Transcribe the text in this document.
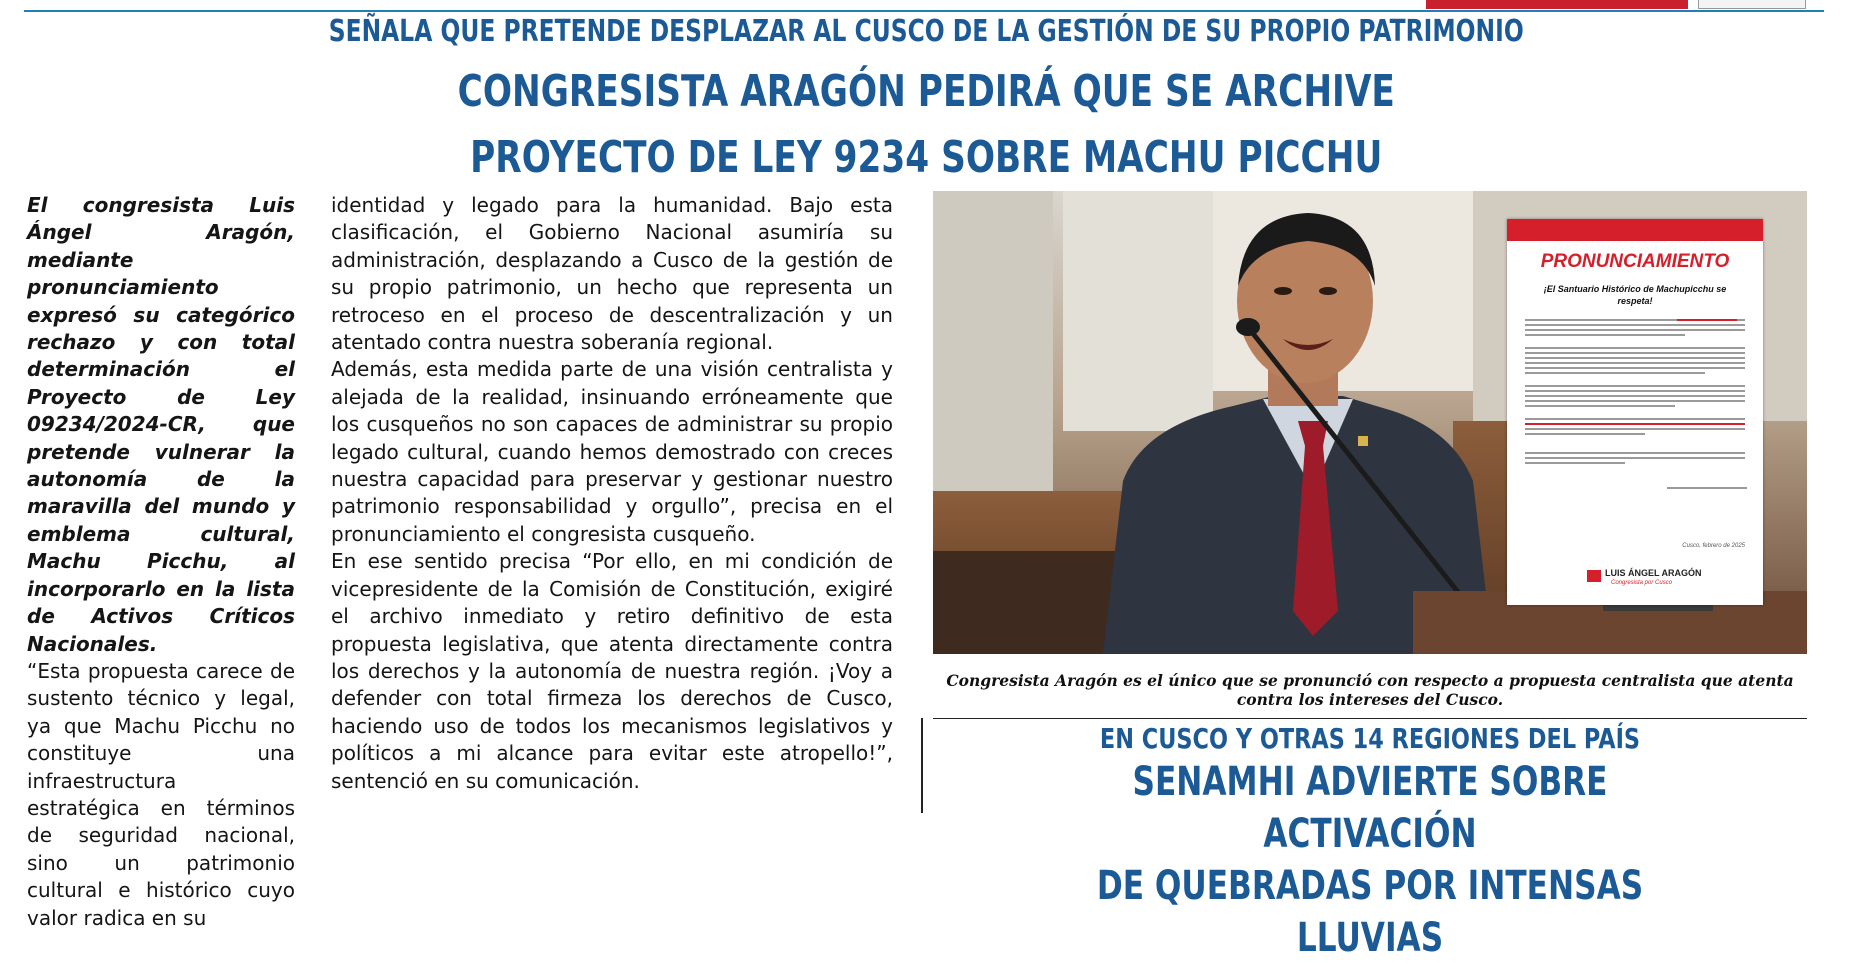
SEÑALA QUE PRETENDE DESPLAZAR AL CUSCO DE LA GESTIÓN DE SU PROPIO PATRIMONIO
CONGRESISTA ARAGÓN PEDIRÁ QUE SE ARCHIVE
PROYECTO DE LEY 9234 SOBRE MACHU PICCHU

El congresista Luis Ángel Aragón, mediante pronunciamiento expresó su categórico rechazo y con total determinación el Proyecto de Ley 09234/2024-CR, que pretende vulnerar la autonomía de la maravilla del mundo y emblema cultural, Machu Picchu, al incorporarlo en la lista de Activos Críticos Nacionales.

“Esta propuesta carece de sustento técnico y legal, ya que Machu Picchu no constituye una infraestructura estratégica en términos de seguridad nacional, sino un patrimonio cultural e histórico cuyo valor radica en su

identidad y legado para la humanidad. Bajo esta clasificación, el Gobierno Nacional asumiría su administración, desplazando a Cusco de la gestión de su propio patrimonio, un hecho que representa un retroceso en el proceso de descentralización y un atentado contra nuestra soberanía regional.

Además, esta medida parte de una visión centralista y alejada de la realidad, insinuando erróneamente que los cusqueños no son capaces de administrar su propio legado cultural, cuando hemos demostrado con creces nuestra capacidad para preservar y gestionar nuestro patrimonio responsabilidad y orgullo”, precisa en el pronunciamiento el congresista cusqueño.

En ese sentido precisa “Por ello, en mi condición de vicepresidente de la Comisión de Constitución, exigiré el archivo inmediato y retiro definitivo de esta propuesta legislativa, que atenta directamente contra los derechos y la autonomía de nuestra región. ¡Voy a defender con total firmeza los derechos de Cusco, haciendo uso de todos los mecanismos legislativos y políticos a mi alcance para evitar este atropello!”, sentenció en su comunicación.

PRONUNCIAMIENTO
¡El Santuario Histórico de Machupicchu se
respeta!
Cusco, febrero de 2025
LUIS ÁNGEL ARAGÓN
Congresista por Cusco
Congresista Aragón es el único que se pronunció con respecto a propuesta centralista que atenta contra los intereses del Cusco.
EN CUSCO Y OTRAS 14 REGIONES DEL PAÍS
SENAMHI ADVIERTE SOBRE ACTIVACIÓN
DE QUEBRADAS POR INTENSAS LLUVIAS
